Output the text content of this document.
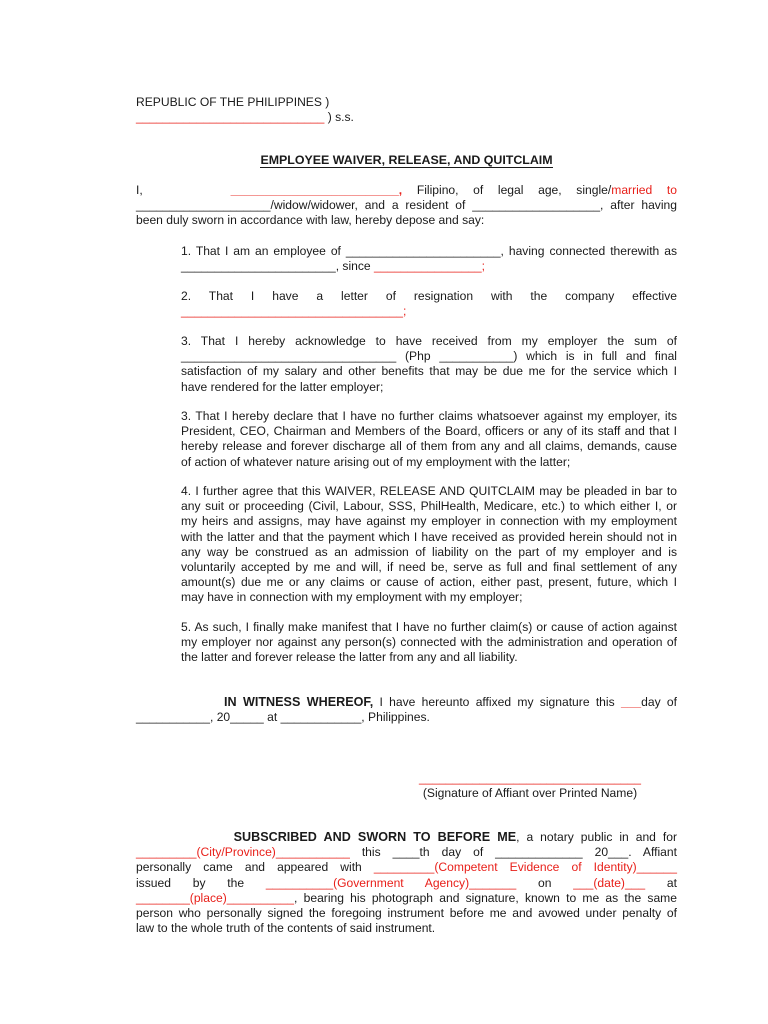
REPUBLIC OF THE PHILIPPINES )
____________________________ ) s.s.
EMPLOYEE WAIVER, RELEASE, AND QUITCLAIM
I,	_________________________, Filipino, of legal age, single/married to
____________________/widow/widower, and a resident of ___________________, after having
been duly sworn in accordance with law, hereby depose and say:
1. That I am an employee of _______________________, having connected therewith as
_______________________, since ________________;
2. That I have a letter of resignation with the company effective
_________________________________;
3. That I hereby acknowledge to have received from my employer the sum of
________________________________ (Php ___________) which is in full and final
satisfaction of my salary and other benefits that may be due me for the service which I
have rendered for the latter employer;
3. That I hereby declare that I have no further claims whatsoever against my employer, its
President, CEO, Chairman and Members of the Board, officers or any of its staff and that I
hereby release and forever discharge all of them from any and all claims, demands, cause
of action of whatever nature arising out of my employment with the latter;
4. I further agree that this WAIVER, RELEASE AND QUITCLAIM may be pleaded in bar to
any suit or proceeding (Civil, Labour, SSS, PhilHealth, Medicare, etc.) to which either I, or
my heirs and assigns, may have against my employer in connection with my employment
with the latter and that the payment which I have received as provided herein should not in
any way be construed as an admission of liability on the part of my employer and is
voluntarily accepted by me and will, if need be, serve as full and final settlement of any
amount(s) due me or any claims or cause of action, either past, present, future, which I
may have in connection with my employment with my employer;
5. As such, I finally make manifest that I have no further claim(s) or cause of action against
my employer nor against any person(s) connected with the administration and operation of
the latter and forever release the latter from any and all liability.
IN WITNESS WHEREOF, I have hereunto affixed my signature this ___day of
___________, 20_____ at ____________, Philippines.
_________________________________
(Signature of Affiant over Printed Name)
SUBSCRIBED AND SWORN TO BEFORE ME, a notary public in and for
_________(City/Province)___________ this ____th day of _____________ 20___. Affiant
personally came and appeared with _________(Competent Evidence of Identity)______
issued by the __________(Government Agency)_______ on ___(date)___ at
________(place)__________, bearing his photograph and signature, known to me as the same
person who personally signed the foregoing instrument before me and avowed under penalty of
law to the whole truth of the contents of said instrument.
